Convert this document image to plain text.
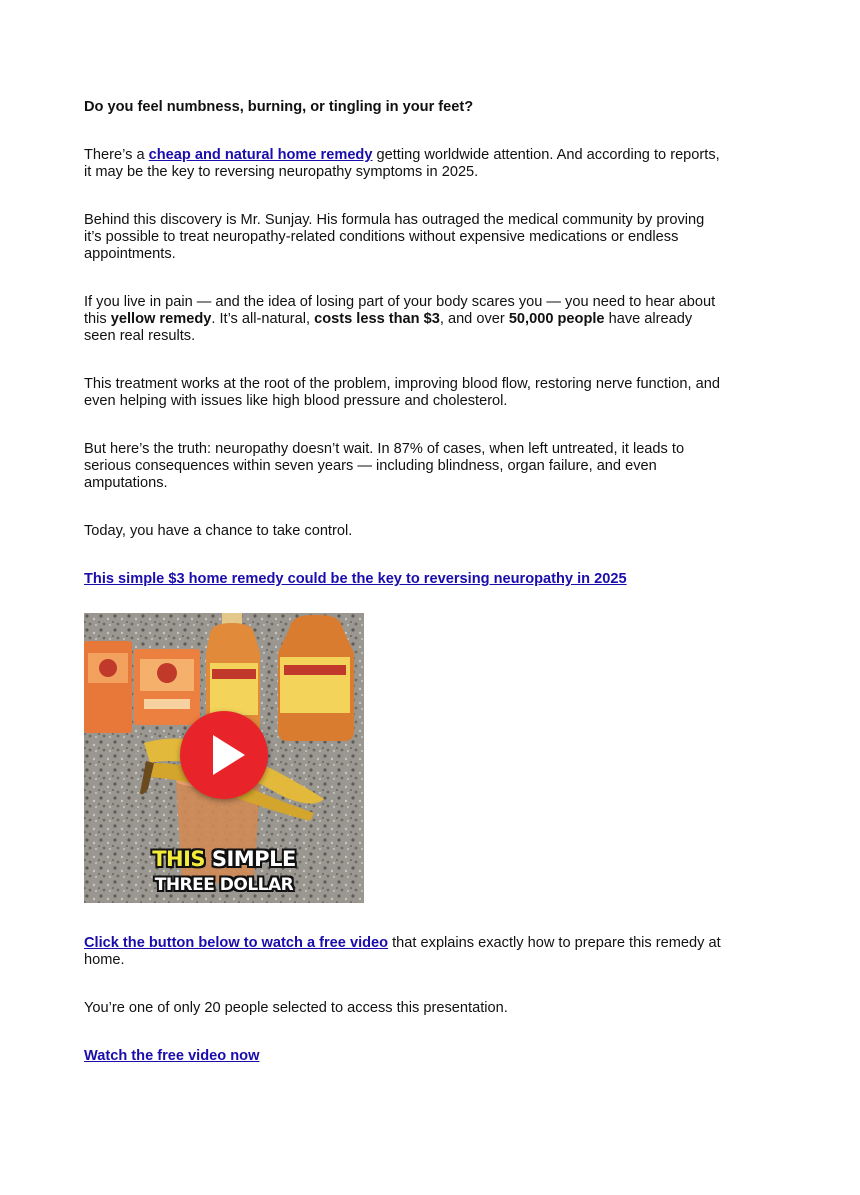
Do you feel numbness, burning, or tingling in your feet?

There’s a cheap and natural home remedy getting worldwide attention. And according to reports, it may be the key to reversing neuropathy symptoms in 2025.

Behind this discovery is Mr. Sunjay. His formula has outraged the medical community by proving it’s possible to treat neuropathy-related conditions without expensive medications or endless appointments.

If you live in pain — and the idea of losing part of your body scares you — you need to hear about this yellow remedy. It’s all-natural, costs less than $3, and over 50,000 people have already seen real results.

This treatment works at the root of the problem, improving blood flow, restoring nerve function, and even helping with issues like high blood pressure and cholesterol.

But here’s the truth: neuropathy doesn’t wait. In 87% of cases, when left untreated, it leads to serious consequences within seven years — including blindness, organ failure, and even amputations.

Today, you have a chance to take control.

This simple $3 home remedy could be the key to reversing neuropathy in 2025

THIS SIMPLE
THREE DOLLAR

Click the button below to watch a free video that explains exactly how to prepare this remedy at home.

You’re one of only 20 people selected to access this presentation.

Watch the free video now
